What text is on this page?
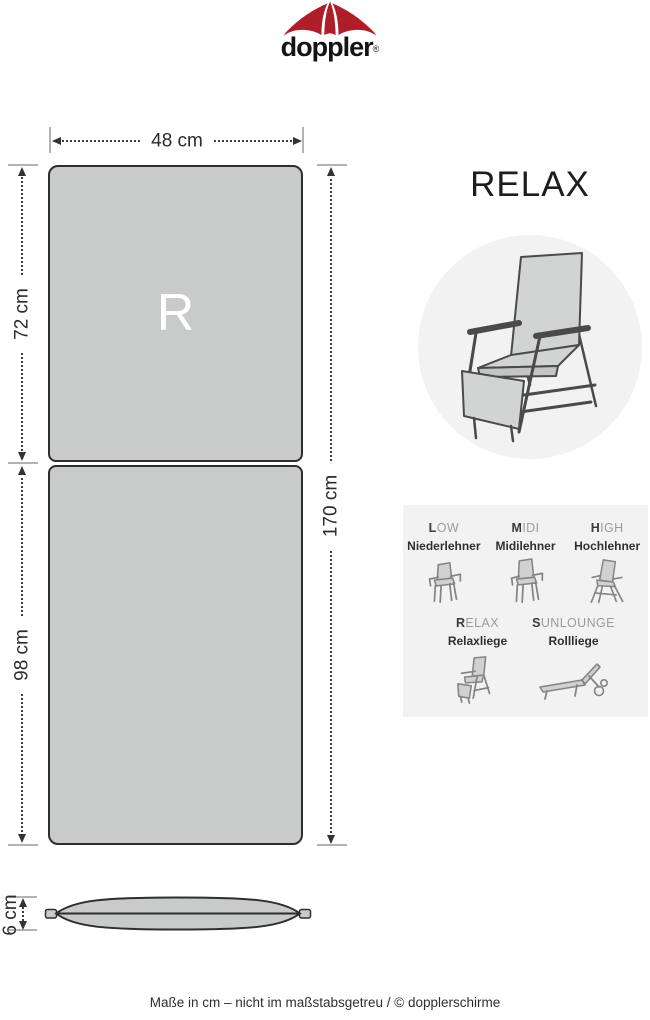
doppler®
48 cm
R
72 cm
98 cm
170 cm
6 cm
RELAX
LOW
Niederlehner
MIDI
Midilehner
HIGH
Hochlehner
RELAX
Relaxliege
SUNLOUNGE
Rollliege
Maße in cm – nicht im maßstabsgetreu / © dopplerschirme
